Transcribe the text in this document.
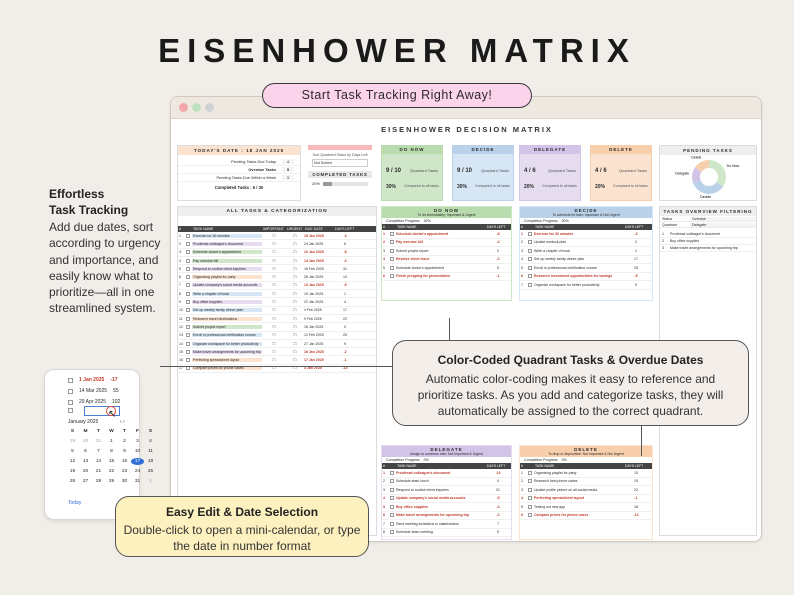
EISENHOWER MATRIX
EISENHOWER DECISION MATRIX
TODAY'S DATE : 18 JAN 2025
Pending Tasks Due Today	4
Overdue Tasks	9
Pending Tasks Due Within a Week	3
Completed Tasks : 6 / 30
Sort Quadrant Tasks by Days Left
Not Sorted
COMPLETED TASKS
20%
DO NOW
9 / 10 Quadrant Tasks
30% Compared to all tasks
DECIDE
9 / 10 Quadrant Tasks
30% Compared to all tasks
DELEGATE
4 / 6	Quadrant Tasks
20% Compared to all tasks
DELETE
4 / 6	Quadrant Tasks
20% Compared to all tasks
PENDING TASKS
Do Now
Decide
Delegate
Delete
ALL TASKS & CATEGORIZATION
#	TASK NAME	IMPORTANT URGENT DUE DATE	DAYS LEFT
1	Exercise for 30 minutes	☐	☐	15 Jan 2025	-3
2	Proofread colleague's document	☐	☐	24 Jan 2025	6
3	Schedule doctor's appointment	☐	☐	10 Jan 2025	-8
4	Pay overdue bill	☐	☐	14 Jan 2025	-4
5	Respond to routine client inquiries	☐	☐	18 Feb 2025	31
6	Organizing playlist for party	☐	☐	28 Jan 2025	10
7	Update company's social media accounts	☐	☐	13 Jan 2025	-5
8	Write a chapter of book	☐	☐	19 Jan 2025	1
9	Buy office supplies	☐	☐	22 Jan 2025	4
10	Set up weekly family dinner plan	☐	☐	4 Feb 2025	17
11	Research travel destinations	☐	☐	9 Feb 2025	22
12	Submit project report	☐	☐	18 Jan 2025	0
13	Enroll in professional certification course	☐	☐	12 Feb 2025	25
14	Organize workspace for better productivity	☐	☐	27 Jan 2025	9
15	Make travel arrangements for upcoming trip	☐	☐	16 Jan 2025	-2
16	Perfecting spreadsheet layout	☐	☐	17 Jan 2025	-1
17	Compare prices for phone cases	☐	☐	4 Jan 2025	-14
DO NOW
To do immediately: Important & Urgent
Completion Progress 30%
#	TASK NAME	DAYS LEFT
1	Schedule doctor's appointment	-8
2	Pay overdue bill	-4
3	Submit project report	0
4	Resolve client issue	-2
5	Schedule doctor's appointment	5
6	Finish prepping for presentation	-1
DECIDE
To schedule for later: Important & Not Urgent
Completion Progress 30%
#	TASK NAME	DAYS LEFT
1	Exercise for 30 minutes	-3
2	Update workout plan	2
3	Write a chapter of book	1
4	Set up weekly family dinner plan	17
5	Enroll in professional certification course	25
6	Research investment opportunities for savings	-5
7	Organize workspace for better productivity	9
DELEGATE
Assign to someone else: Not Important & Urgent
Completion Progress 0%
#	TASK NAME	DAYS LEFT
1	Proofread colleague's document	-10
2	Schedule team lunch	4
3	Respond to routine client inquiries	31
4	Update company's social media accounts	-5
5	Buy office supplies	-3
6	Make travel arrangements for upcoming trip	-2
7	Send meeting invitations to stakeholders	7
8	Schedule team meeting	5
DELETE
To drop or deprioritize: Not Important & Not Urgent
Completion Progress 0%
#	TASK NAME	DAYS LEFT
1	Organizing playlist for party	10
2	Research best phone cases	15
3	Update profile picture on all social media	22
4	Perfecting spreadsheet layout	-1
5	Testing out new app	18
6	Compare prices for phone cases	-14
TASKS OVERVIEW FILTERING
Status	Overdue
Quadrant	Delegate
1	Proofread colleague's document
2	Buy office supplies
3	Make travel arrangements for upcoming trip
Start Task Tracking Right Away!
Effortless
Task Tracking
Add due dates, sort according to urgency and importance, and easily know what to prioritize—all in one streamlined system.
1 Jan 2025 -17
14 Mar 2025 55
29 Apr 2025 102
↖
January 2025	‹ ›
S	M	T	W	T	F	S
29	30	31	1	2	3	4
5	6	7	8	9	10	11
12	13	14	15	16	17	18
19	20	21	22	23	24	25
26	27	28	29	30	31	1
Today
Color-Coded Quadrant Tasks & Overdue Dates
Automatic color-coding makes it easy to reference and prioritize tasks. As you add and categorize tasks, they will automatically be assigned to the correct quadrant.
Easy Edit & Date Selection
Double-click to open a mini-calendar, or type the date in number format
